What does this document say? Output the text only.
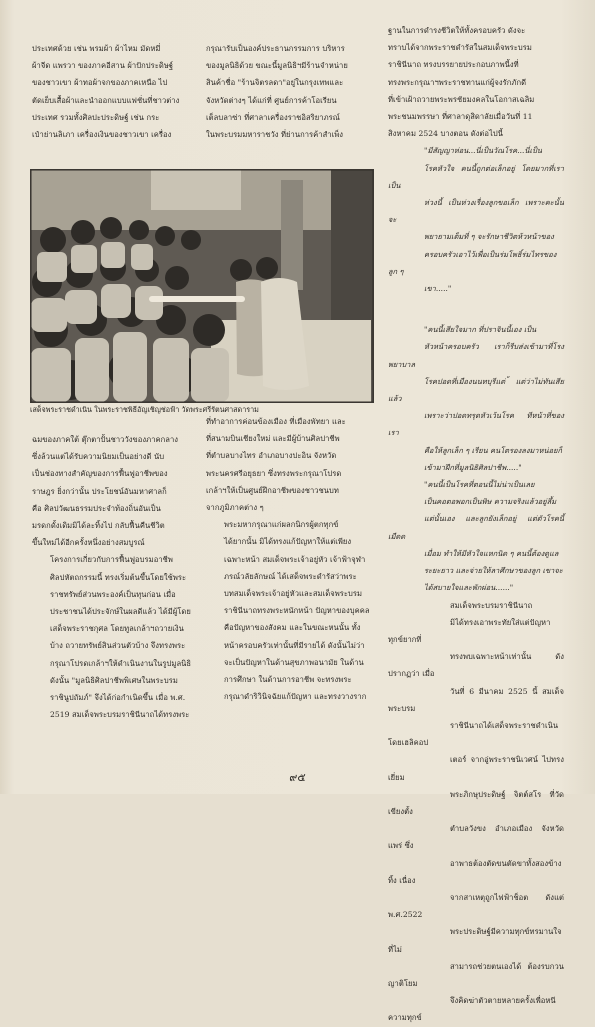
ประเทศด้วย เช่น พรมผ้า ผ้าไหม มัดหมี่
ผ้าจีด แพรวา ของภาคอีสาน ผ้าปักประดิษฐ์
ของชาวเขา ผ้าทอผ้าจกของภาคเหนือ ไป
ตัดเย็บเสื้อผ้าและนำออกแบบแฟชั่นที่ชาวต่าง
ประเทศ รวมทั้งศิลปะประดิษฐ์ เช่น กระ
เป๋าย่านลิเภา เครื่องเงินของชาวเขา เครื่อง
กรุณารับเป็นองค์ประธานกรรมการ บริหาร
ของมูลนิธิด้วย ขณะนี้มูลนิธิฯมีร้านจำหน่าย
สินค้าชื่อ "ร้านจิตรลดา"อยู่ในกรุงเทพและ
จังหวัดต่างๆ ได้แก่ที่ ศูนย์การค้าโอเรียน
เต็ลบลาซ่า ที่ศาลาเครื่องราชอิสริยาภรณ์
ในพระบรมมหาราชวัง ที่ย่านการค้าสำเพ็ง
เสด็จพระราชดำเนิน ในพระราชพิธีอัญเชิญช่อฟ้า วัดพระศรีรัตนศาสดาราม
ฐานในการดำรงชีวิตให้ทั้งครอบครัว ดังจะ
ทราบได้จากพระราชดำรัสในสมเด็จพระบรม
ราชินีนาถ ทรงบรรยายประกอบภาพนี้งที่
ทรงพระกรุณาฯพระราชทานแก่ผู้จงรักภักดี
ที่เข้าเฝ้าถวายพระพรชัยมงคลในโอกาสเฉลิม
พระชนมพรรษา ที่ศาลาดุสิดาลัยเมื่อวันที่ 11
สิงหาคม 2524 บางตอน ดังต่อไปนี้
"มีสัญญาห่อน...นี่เป็นวัณโรค...นี่เป็น
โรคหัวใจ คนนี้ถูกต่อเล็กอยู่ โดยมากที่เราเป็น
ห่วงนี้ เป็นห่วงเรื่องลูกขอเล็ก เพราะคะนั้นจะ
พยายามเต็มที่ ๆ จะรักษาชีวิตห้วหน้าของ
ครอบครัวเอาไว้เพื่อเป็นร่มโพธิ์ร่มไทรของลูก ๆ
เขา....."
"คนนี้เสียใจมาก ที่ปราจินนี้เอง เป็น
หัวหน้าครอบครัว เราก็รีบส่งเข้ามาที่โรงพยาบาล
โรคปอดที่เมืองนนทบุรีแต่ ้แต่ว่าไม่ทันเสียแล้ว
เพราะว่าปอดทรุดหัวเว้นโรค ทีหน้าที่ของเรา
คือให้ลูกเล็ก ๆ เรียน คนโตรองลงมาหน่อยก็
เข้ามาฝึกที่มูลนิธิศิลปาชีพ....."
"คนนี้เป็นโรคที่ตอนนี้ไม่น่าเป็นเลย
เป็นคอตอพอกเป็นพิษ ความจริงแล้วอยู่ลึ้ม
แต่นั้นเอง และลูกยังเล็กอยู่ แต่ตัวโรคนี้เมืดด
เมื่อม ทำให้มีหัวใจแหกนิด ๆ คนนี้ต้องดูแล
ระยะยาว และจ่ายให้ลาศึกษาของลูก เขาจะ
ได้สบายใจและพักผ่อน......"
สมเด็จพระบรมราชินีนาถ
มิได้ทรงเอาพระทัยใส่แต่ปัญหาทุกข์ยากที่
ทรงพบเฉพาะหน้าเท่านั้น ดังปรากฏว่า เมื่อ
วันที่ 6 มีนาคม 2525 นี้ สมเด็จพระบรม
ราชินีนาถได้เสด็จพระราชดำเนินโดยเฮลิคอป
เตอร์ จากอู่พระราชนิเวศน์ ไปทรงเยี่ยม
พระภิกษุประดิษฐ์ จิตต์สโร ที่วัดเขียงตั้ง
ตำบลวังขง อำเภอเมือง จังหวัดแพร่ ซึ่ง
อาพาธต้องตัดขนตัดขาทั้งสองข้างทิ้ง เนื่อง
จากสาเหตุถูกไฟฟ้าช็อต ดังแต่ พ.ศ.2522
พระประดิษฐ์มีความทุกข์ทรมานใจที่ไม่
สามารถช่วยตนเองได้ ต้องรบกวนญาติโยม
จึงคิดฆ่าตัวตายหลายครั้งเพื่อหนีความทุกข์
ฉมของภาคใต้ ตุ๊กตาปั้นชาววังของภาคกลาง
ซึ่งล้วนแต่ได้รับความนิยมเป็นอย่างดี นับ
เป็นช่องทางสำคัญของการฟื้นฟูอาชีพของ
ราษฎร ยิ่งกว่านั้น ประโยชน์อันมหาศาลก็
คือ ศิลปวัฒนธรรมประจำท้องถิ่นอันเป็น
มรดกดั้งเดิมมิได้ละทิ้งไป กลับฟื้นคืนชีวิต
ขึ้นใหม่ได้อีกครั้งหนึ่งอย่างสมบูรณ์
โครงการเกี่ยวกับการฟื้นฟูอบรมอาชีพ
ศิลปหัตถกรรมนี้ ทรงเริ่มต้นขึ้นโดยใช้พระ
ราชทรัพย์ส่วนพระองค์เป็นทุนก่อน เมื่อ
ประชาชนได้ประจักษ์ในผลดีแล้ว ได้มีผู้โดย
เสด็จพระราชกุศล โดยทูลเกล้าฯถวายเงิน
บ้าง ถวายทรัพย์สินส่วนตัวบ้าง จึงทรงพระ
กรุณาโปรดเกล้าฯให้ดำเนินงานในรูปมูลนิธิ
ดังนั้น "มูลนิธิศิลปาชีพพิเศษในพระบรม
ราชินูปถัมภ์" จึงได้ก่อกำเนิดขึ้น เมื่อ พ.ศ.
2519 สมเด็จพระบรมราชินีนาถได้ทรงพระ
ที่ทำอาการค่อนข้องเมือง ที่เมืองพัทยา และ
ที่สนามบินเชียงใหม่ และมีผู้บ้านศิลปาชีพ
ที่ตำบลบางไทร อำเภอบางปะอิน จังหวัด
พระนครศรีอยุธยา ซึ่งทรงพระกรุณาโปรด
เกล้าฯให้เป็นศูนย์ฝึกอาชีพของชาวชนบท
จากภูมิภาคต่าง ๆ
พระมหากรุณาแก่ผลกนิกรผู้ตกทุกข์
ได้ยากนั้น มิได้ทรงแก้ปัญหาให้แต่เพียง
เฉพาะหน้า สมเด็จพระเจ้าอยู่หัว เจ้าฟ้าจุฬา
ภรณ์วลัยลักษณ์ ได้เสด็จพระดำรัสว่าพระ
บทสมเด็จพระเจ้าอยู่หัวและสมเด็จพระบรม
ราชินีนาถทรงพระหนักหน้า ปัญหาของบุคคล
คือปัญหาของสังคม และในขณะหนนั้น ทั้ง
หน้าครอบครัวเท่านั้นที่มีรายได้ ดังนั้นไม่ว่า
จะเป็นปัญหาในด้านสุขภาพอนามัย ในด้าน
การศึกษา ในด้านการอาชีพ จะทรงพระ
กรุณาดำริวินิจฉัยแก้ปัญหา และทรงวางราก
๙๕
